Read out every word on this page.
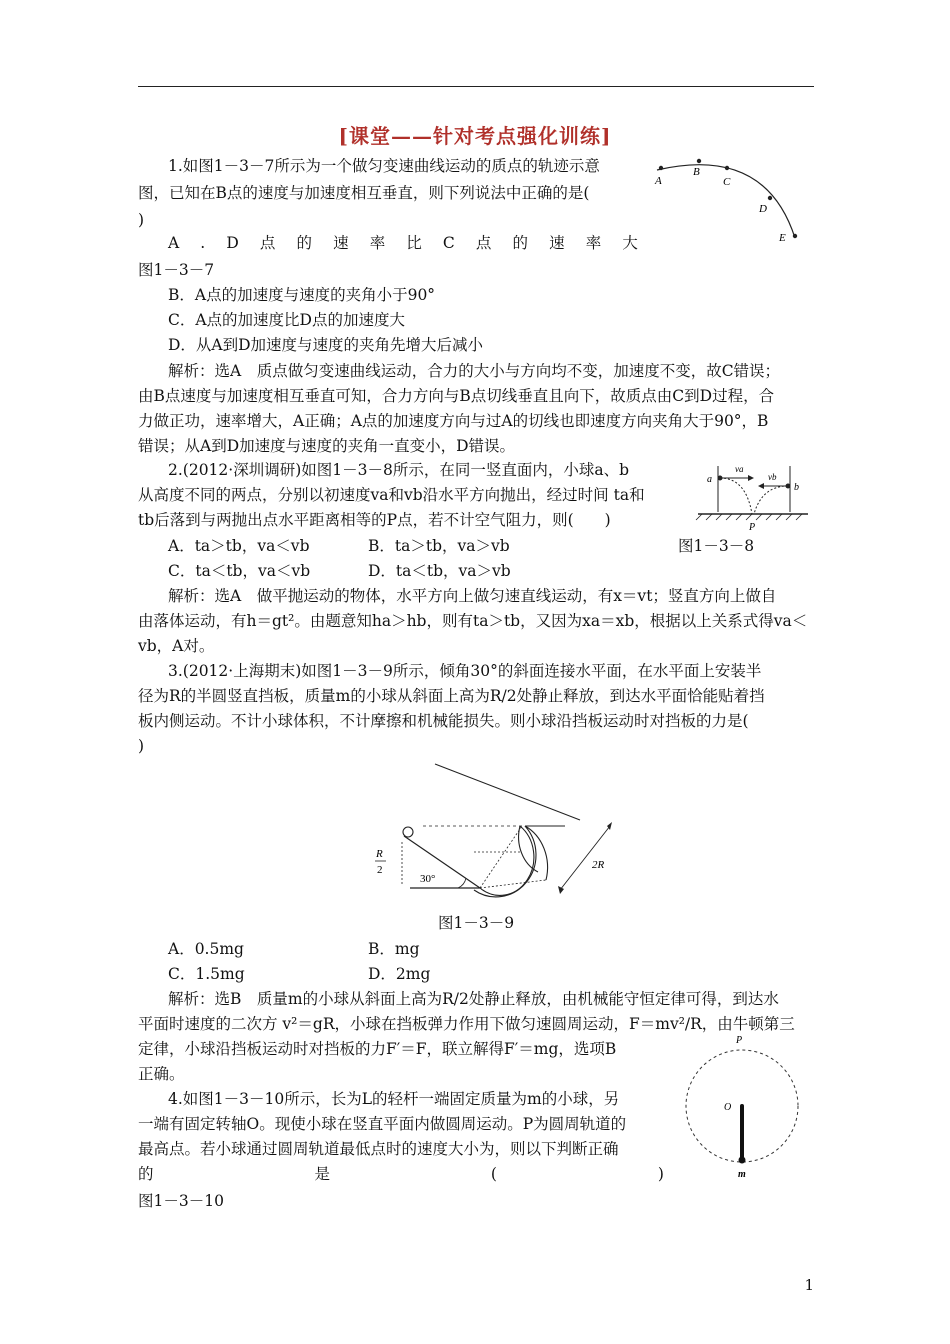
[课堂——针对考点强化训练]
1.如图1－3－7所示为一个做匀变速曲线运动的质点的轨迹示意
图，已知在B点的速度与加速度相互垂直，则下列说法中正确的是(
)
A . D 点 的 速 率 比 C 点 的 速 率 大
图1－3－7
B．A点的加速度与速度的夹角小于90°
C．A点的加速度比D点的加速度大
D．从A到D加速度与速度的夹角先增大后减小
解析：选A　质点做匀变速曲线运动，合力的大小与方向均不变，加速度不变，故C错误；
由B点速度与加速度相互垂直可知，合力方向与B点切线垂直且向下，故质点由C到D过程，合
力做正功，速率增大，A正确；A点的加速度方向与过A的切线也即速度方向夹角大于90°，B
错误；从A到D加速度与速度的夹角一直变小，D错误。
A
B
C
D
E
2.(2012·深圳调研)如图1－3－8所示，在同一竖直面内，小球a、b
从高度不同的两点，分别以初速度va和vb沿水平方向抛出，经过时间 ta和
tb后落到与两抛出点水平距离相等的P点，若不计空气阻力，则(　　)
A．ta＞tb，va＜vb	B．ta＞tb，va＞vb	图1－3－8
C．ta＜tb，va＜vb	D．ta＜tb，va＞vb
解析：选A　做平抛运动的物体，水平方向上做匀速直线运动，有x＝vt；竖直方向上做自
由落体运动，有h＝gt²。由题意知ha＞hb，则有ta＞tb，又因为xa＝xb，根据以上关系式得va＜
vb，A对。
a
va
vb
b
P
3.(2012·上海期末)如图1－3－9所示，倾角30°的斜面连接水平面，在水平面上安装半
径为R的半圆竖直挡板，质量m的小球从斜面上高为R/2处静止释放，到达水平面恰能贴着挡
板内侧运动。不计小球体积，不计摩擦和机械能损失。则小球沿挡板运动时对挡板的力是(
)
R
2
30°
2R
图1－3－9
A．0.5mg	B．mg
C．1.5mg	D．2mg
解析：选B　质量m的小球从斜面上高为R/2处静止释放，由机械能守恒定律可得，到达水
平面时速度的二次方 v²＝gR，小球在挡板弹力作用下做匀速圆周运动，F＝mv²/R，由牛顿第三
定律，小球沿挡板运动时对挡板的力F′＝F，联立解得F′＝mg，选项B
正确。
4.如图1－3－10所示，长为L的轻杆一端固定质量为m的小球，另
一端有固定转轴O。现使小球在竖直平面内做圆周运动。P为圆周轨道的
最高点。若小球通过圆周轨道最低点时的速度大小为，则以下判断正确
的	是	(	)
图1－3－10
P
O
m
1
